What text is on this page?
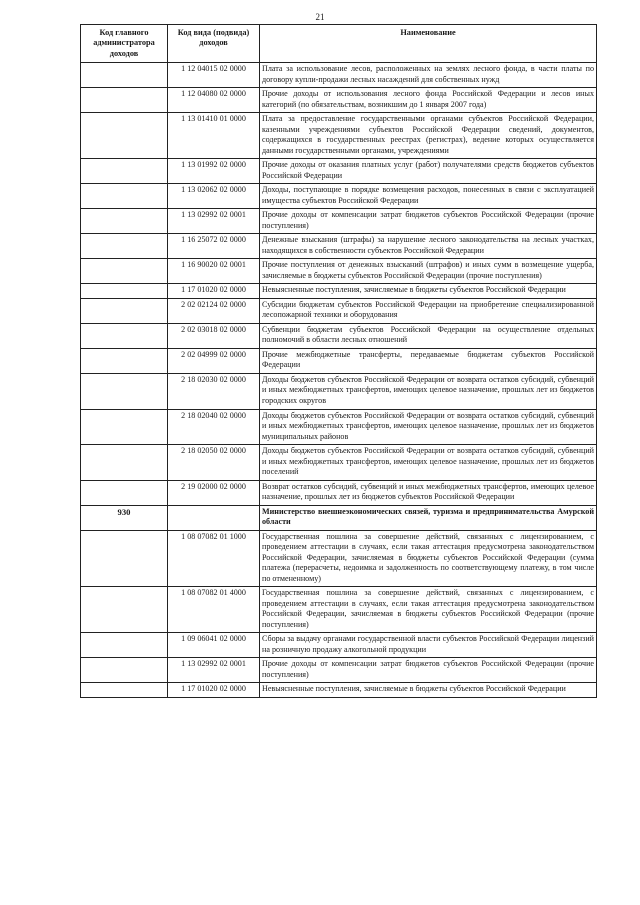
21
Код главного администратора доходов	Код вида (подвида) доходов	Наименование
	1 12 04015 02 0000	Плата за использование лесов, расположенных на землях лесного фонда, в части платы по договору купли-продажи лесных насаждений для собственных нужд
	1 12 04080 02 0000	Прочие доходы от использования лесного фонда Российской Федерации и лесов иных категорий (по обязательствам, возникшим до 1 января 2007 года)
	1 13 01410 01 0000	Плата за предоставление государственными органами субъектов Российской Федерации, казенными учреждениями субъектов Российской Федерации сведений, документов, содержащихся в государственных реестрах (регистрах), ведение которых осуществляется данными государственными органами, учреждениями
	1 13 01992 02 0000	Прочие доходы от оказания платных услуг (работ) получателями средств бюджетов субъектов Российской Федерации
	1 13 02062 02 0000	Доходы, поступающие в порядке возмещения расходов, понесенных в связи с эксплуатацией имущества субъектов Российской Федерации
	1 13 02992 02 0001	Прочие доходы от компенсации затрат бюджетов субъектов Российской Федерации (прочие поступления)
	1 16 25072 02 0000	Денежные взыскания (штрафы) за нарушение лесного законодательства на лесных участках, находящихся в собственности субъектов Российской Федерации
	1 16 90020 02 0001	Прочие поступления от денежных взысканий (штрафов) и иных сумм в возмещение ущерба, зачисляемые в бюджеты субъектов Российской Федерации (прочие поступления)
	1 17 01020 02 0000	Невыясненные поступления, зачисляемые в бюджеты субъектов Российской Федерации
	2 02 02124 02 0000	Субсидии бюджетам субъектов Российской Федерации на приобретение специализированной лесопожарной техники и оборудования
	2 02 03018 02 0000	Субвенции бюджетам субъектов Российской Федерации на осуществление отдельных полномочий в области лесных отношений
	2 02 04999 02 0000	Прочие межбюджетные трансферты, передаваемые бюджетам субъектов Российской Федерации
	2 18 02030 02 0000	Доходы бюджетов субъектов Российской Федерации от возврата остатков субсидий, субвенций и иных межбюджетных трансфертов, имеющих целевое назначение, прошлых лет из бюджетов городских округов
	2 18 02040 02 0000	Доходы бюджетов субъектов Российской Федерации от возврата остатков субсидий, субвенций и иных межбюджетных трансфертов, имеющих целевое назначение, прошлых лет из бюджетов муниципальных районов
	2 18 02050 02 0000	Доходы бюджетов субъектов Российской Федерации от возврата остатков субсидий, субвенций и иных межбюджетных трансфертов, имеющих целевое назначение, прошлых лет из бюджетов поселений
	2 19 02000 02 0000	Возврат остатков субсидий, субвенций и иных межбюджетных трансфертов, имеющих целевое назначение, прошлых лет из бюджетов субъектов Российской Федерации
930		Министерство внешнеэкономических связей, туризма и предпринимательства Амурской области
	1 08 07082 01 1000	Государственная пошлина за совершение действий, связанных с лицензированием, с проведением аттестации в случаях, если такая аттестация предусмотрена законодательством Российской Федерации, зачисляемая в бюджеты субъектов Российской Федерации (сумма платежа (перерасчеты, недоимка и задолженность по соответствующему платежу, в том числе по отмененному)
	1 08 07082 01 4000	Государственная пошлина за совершение действий, связанных с лицензированием, с проведением аттестации в случаях, если такая аттестация предусмотрена законодательством Российской Федерации, зачисляемая в бюджеты субъектов Российской Федерации (прочие поступления)
	1 09 06041 02 0000	Сборы за выдачу органами государственной власти субъектов Российской Федерации лицензий на розничную продажу алкогольной продукции
	1 13 02992 02 0001	Прочие доходы от компенсации затрат бюджетов субъектов Российской Федерации (прочие поступления)
	1 17 01020 02 0000	Невыясненные поступления, зачисляемые в бюджеты субъектов Российской Федерации
